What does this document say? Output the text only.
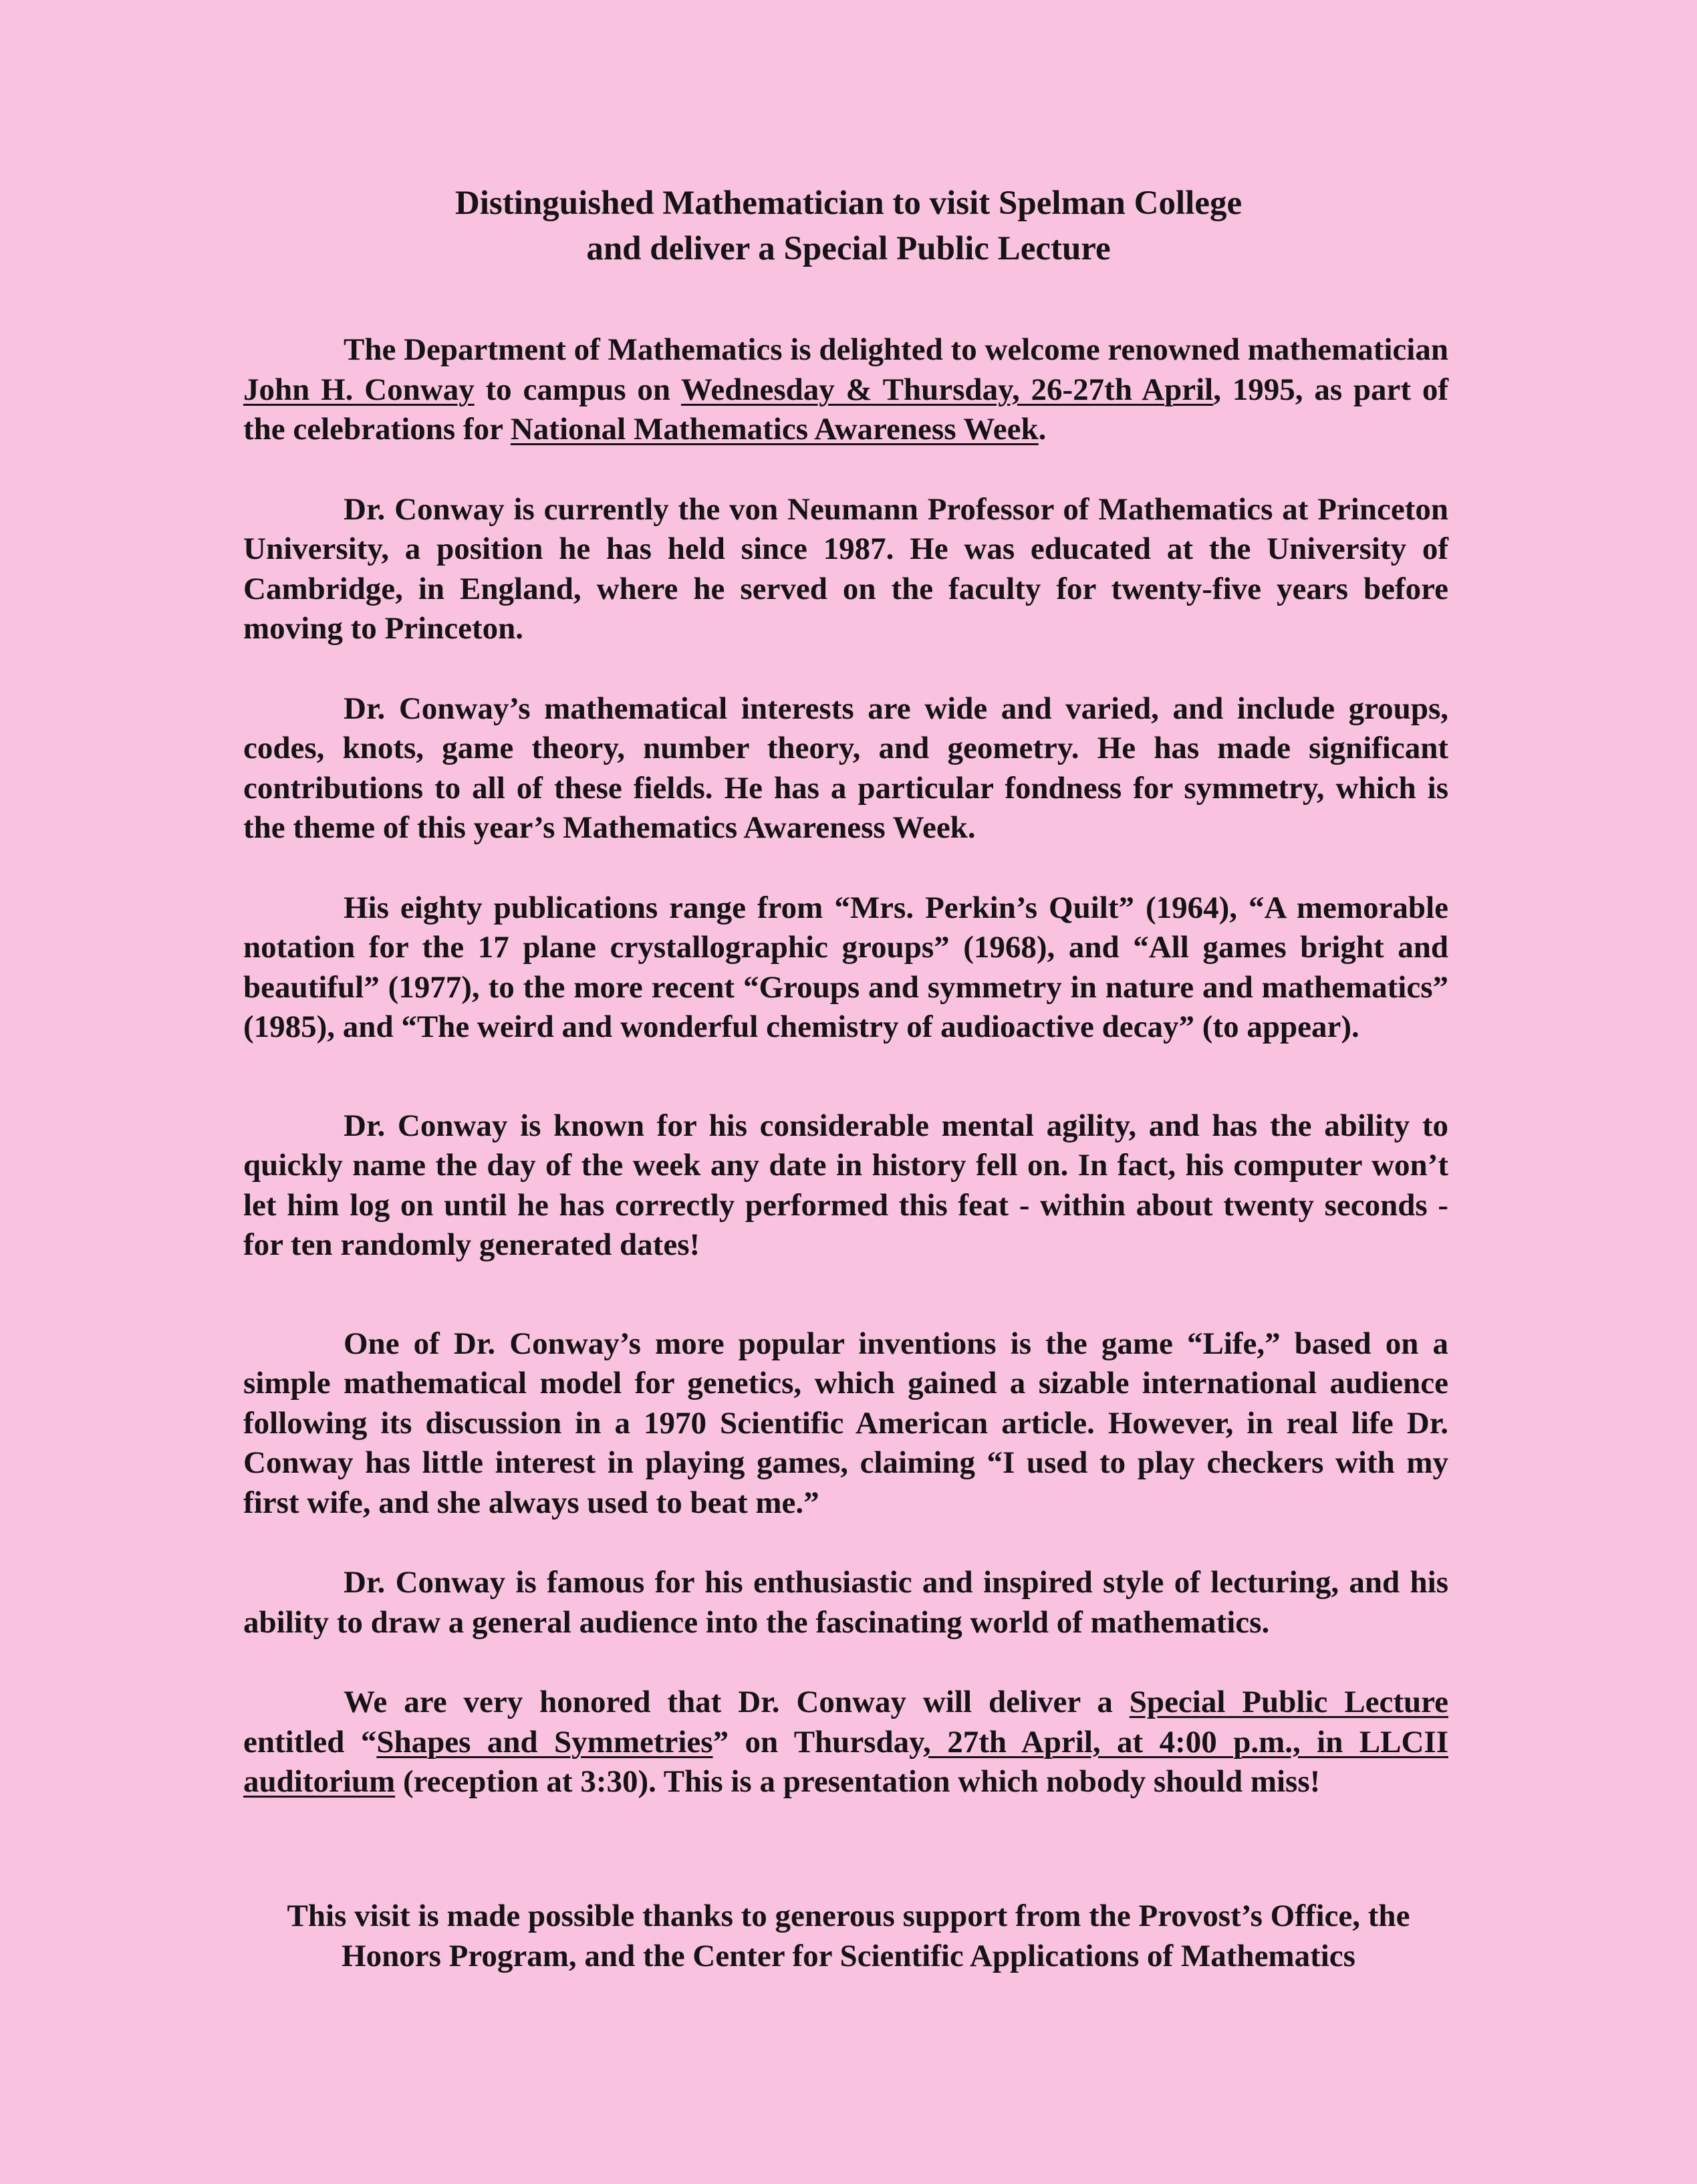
Distinguished Mathematician to visit Spelman College
and deliver a Special Public Lecture

The Department of Mathematics is delighted to welcome renowned mathematician John H. Conway to campus on Wednesday & Thursday, 26-27th April, 1995, as part of the celebrations for National Mathematics Awareness Week.

Dr. Conway is currently the von Neumann Professor of Mathematics at Princeton University, a position he has held since 1987. He was educated at the University of Cambridge, in England, where he served on the faculty for twenty-five years before moving to Princeton.

Dr. Conway’s mathematical interests are wide and varied, and include groups, codes, knots, game theory, number theory, and geometry. He has made significant contributions to all of these fields. He has a particular fondness for symmetry, which is the theme of this year’s Mathematics Awareness Week.

His eighty publications range from “Mrs. Perkin’s Quilt” (1964), “A memorable notation for the 17 plane crystallographic groups” (1968), and “All games bright and beautiful” (1977), to the more recent “Groups and symmetry in nature and mathematics” (1985), and “The weird and wonderful chemistry of audioactive decay” (to appear).

Dr. Conway is known for his considerable mental agility, and has the ability to quickly name the day of the week any date in history fell on. In fact, his computer won’t let him log on until he has correctly performed this feat - within about twenty seconds - for ten randomly generated dates!

One of Dr. Conway’s more popular inventions is the game “Life,” based on a simple mathematical model for genetics, which gained a sizable international audience following its discussion in a 1970 Scientific American article. However, in real life Dr. Conway has little interest in playing games, claiming “I used to play checkers with my first wife, and she always used to beat me.”

Dr. Conway is famous for his enthusiastic and inspired style of lecturing, and his ability to draw a general audience into the fascinating world of mathematics.

We are very honored that Dr. Conway will deliver a Special Public Lecture entitled “Shapes and Symmetries” on Thursday, 27th April, at 4:00 p.m., in LLCII auditorium (reception at 3:30). This is a presentation which nobody should miss!

This visit is made possible thanks to generous support from the Provost’s Office, the
Honors Program, and the Center for Scientific Applications of Mathematics
